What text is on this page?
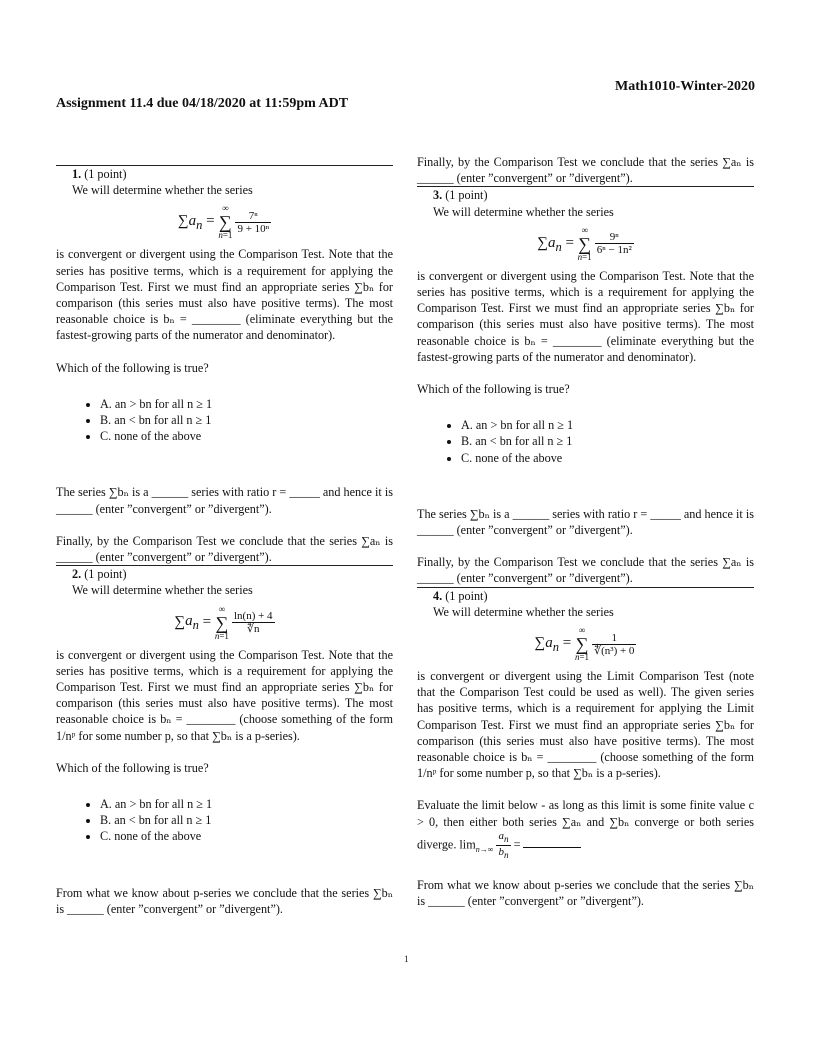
Math1010-Winter-2020
Assignment 11.4 due 04/18/2020 at 11:59pm ADT
1. (1 point)
We will determine whether the series
$\sum a_n$ = ∞
∑
n=1
$\frac{\text{7ⁿ}}{\text{9 + 10ⁿ}}$

is convergent or divergent using the Comparison Test. Note that the series has positive terms, which is a requirement for applying the Comparison Test. First we must find an appropriate series ∑bₙ for comparison (this series must also have positive terms). The most reasonable choice is bₙ = ________ (eliminate everything but the fastest-growing parts of the numerator and denominator).

Which of the following is true?

• A. an > bn for all n ≥ 1
• B. an < bn for all n ≥ 1
• C. none of the above

The series ∑bₙ is a ______ series with ratio r = _____ and hence it is ______ (enter ”convergent” or ”divergent”).

Finally, by the Comparison Test we conclude that the series ∑aₙ is ______ (enter ”convergent” or ”divergent”).

2. (1 point)
We will determine whether the series
$\sum a_n$ = ∞
∑
n=1
$\frac{\ln(n) + 4}{∜n}$

is convergent or divergent using the Comparison Test. Note that the series has positive terms, which is a requirement for applying the Comparison Test. First we must find an appropriate series ∑bₙ for comparison (this series must also have positive terms). The most reasonable choice is bₙ = ________ (choose something of the form 1/nᵖ for some number p, so that ∑bₙ is a p-series).

Which of the following is true?

• A. an > bn for all n ≥ 1
• B. an < bn for all n ≥ 1
• C. none of the above

From what we know about p-series we conclude that the series ∑bₙ is ______ (enter ”convergent” or ”divergent”).

Finally, by the Comparison Test we conclude that the series ∑aₙ is ______ (enter ”convergent” or ”divergent”).

3. (1 point)
We will determine whether the series
$\sum a_n$ = ∞
∑
n=1
$\frac{\text{9ⁿ}}{\text{6ⁿ − 1n²}}$

is convergent or divergent using the Comparison Test. Note that the series has positive terms, which is a requirement for applying the Comparison Test. First we must find an appropriate series ∑bₙ for comparison (this series must also have positive terms). The most reasonable choice is bₙ = ________ (eliminate everything but the fastest-growing parts of the numerator and denominator).

Which of the following is true?

• A. an > bn for all n ≥ 1
• B. an < bn for all n ≥ 1
• C. none of the above

The series ∑bₙ is a ______ series with ratio r = _____ and hence it is ______ (enter ”convergent” or ”divergent”).

Finally, by the Comparison Test we conclude that the series ∑aₙ is ______ (enter ”convergent” or ”divergent”).

4. (1 point)
We will determine whether the series
$\sum a_n$ = ∞
∑
n=1
$\frac{1}{\text{∜(n³) + 0}}$

is convergent or divergent using the Limit Comparison Test (note that the Comparison Test could be used as well). The given series has positive terms, which is a requirement for applying the Limit Comparison Test. First we must find an appropriate series ∑bₙ for comparison (this series must also have positive terms). The most reasonable choice is bₙ = ________ (choose something of the form 1/nᵖ for some number p, so that ∑bₙ is a p-series).

Evaluate the limit below - as long as this limit is some finite value c > 0, then either both series ∑aₙ and ∑bₙ converge or both series diverge. $\lim_{n\to\infty} \frac{a_n}{b_n}$ =

From what we know about p-series we conclude that the series ∑bₙ is ______ (enter ”convergent” or ”divergent”).

1
